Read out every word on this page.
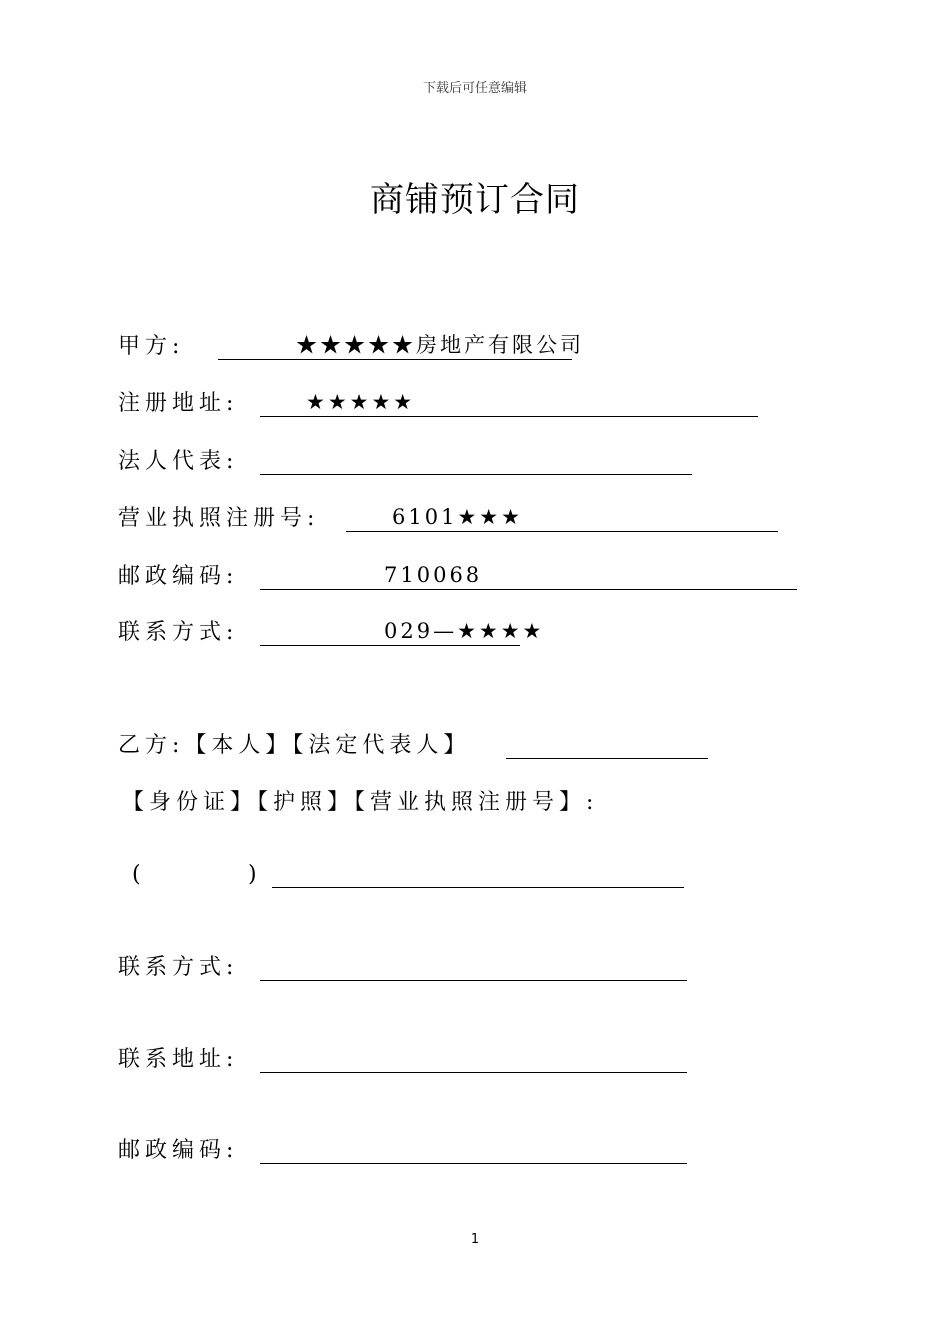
下载后可任意编辑
商铺预订合同
甲方:	★★★★★房地产有限公司
注册地址:	★★★★★
法人代表:
营业执照注册号:	6101★★★
邮政编码:	710068
联系方式:	029—★★★★
乙方:【本人】【法定代表人】
【身份证】【护照】【营业执照注册号】:
(	)
联系方式:
联系地址:
邮政编码:
1
